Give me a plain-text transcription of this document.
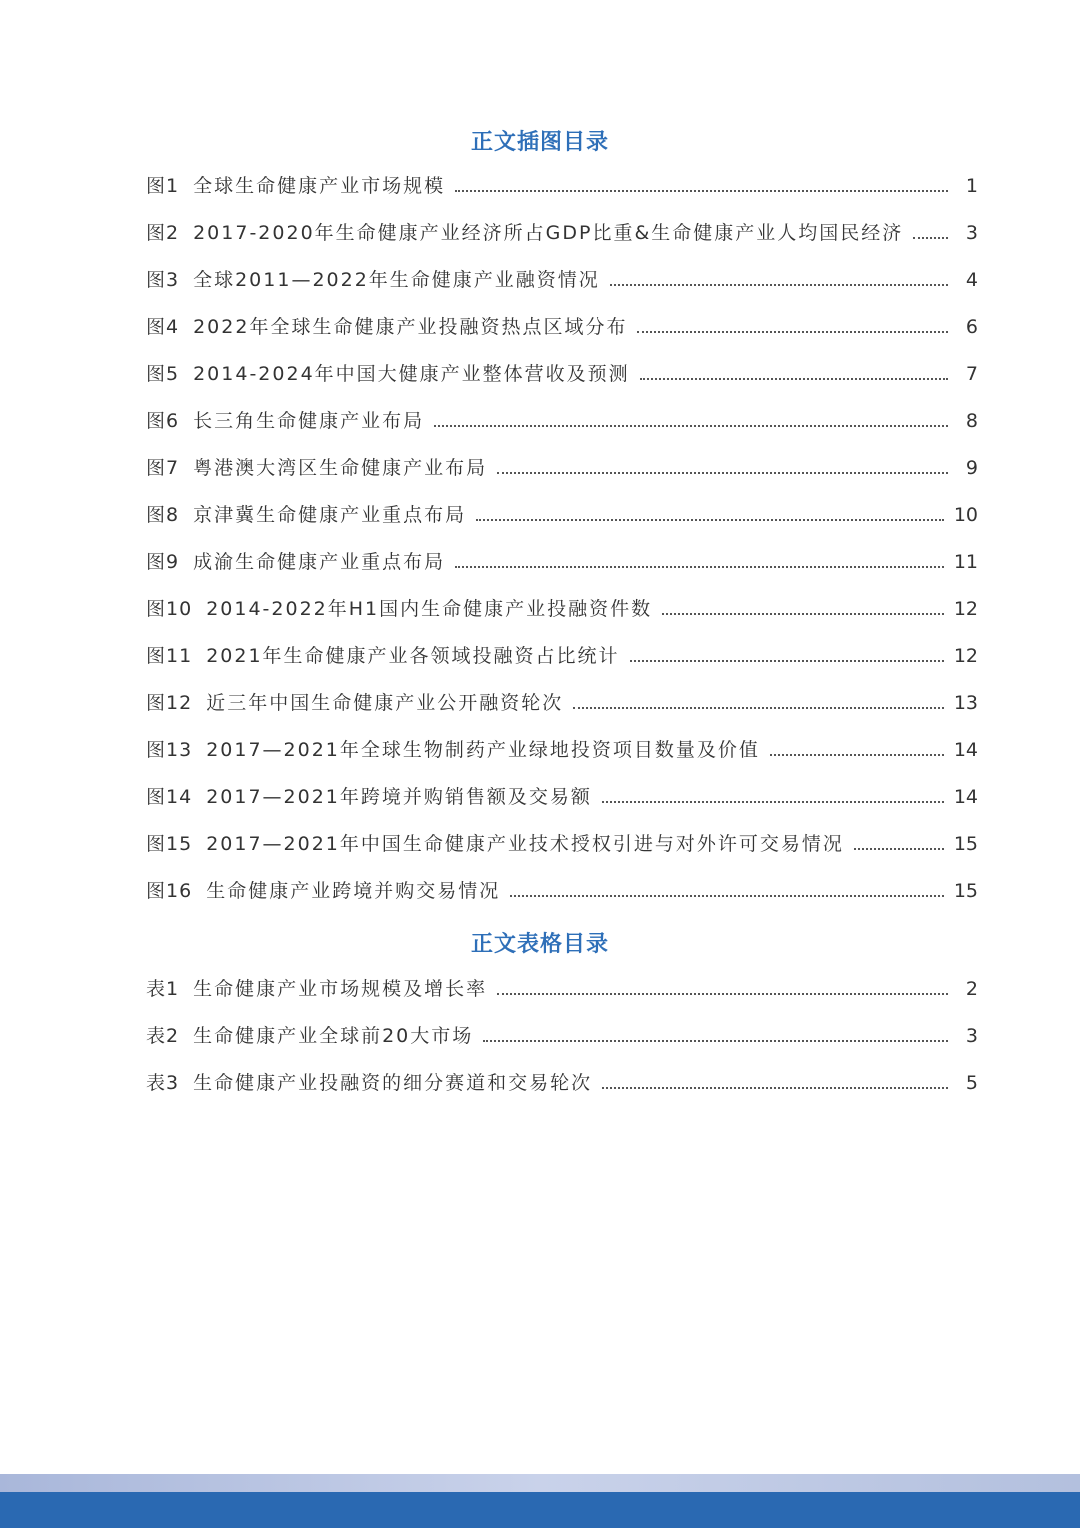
正文插图目录
图1 全球生命健康产业市场规模	1
图2 2017-2020年生命健康产业经济所占GDP比重&生命健康产业人均国民经济	3
图3 全球2011—2022年生命健康产业融资情况	4
图4 2022年全球生命健康产业投融资热点区域分布	6
图5 2014-2024年中国大健康产业整体营收及预测	7
图6 长三角生命健康产业布局	8
图7 粤港澳大湾区生命健康产业布局	9
图8 京津冀生命健康产业重点布局	10
图9 成渝生命健康产业重点布局	11
图10 2014-2022年H1国内生命健康产业投融资件数	12
图11 2021年生命健康产业各领域投融资占比统计	12
图12 近三年中国生命健康产业公开融资轮次	13
图13 2017—2021年全球生物制药产业绿地投资项目数量及价值	14
图14 2017—2021年跨境并购销售额及交易额	14
图15 2017—2021年中国生命健康产业技术授权引进与对外许可交易情况	15
图16 生命健康产业跨境并购交易情况	15
正文表格目录
表1 生命健康产业市场规模及增长率	2
表2 生命健康产业全球前20大市场	3
表3 生命健康产业投融资的细分赛道和交易轮次	5
